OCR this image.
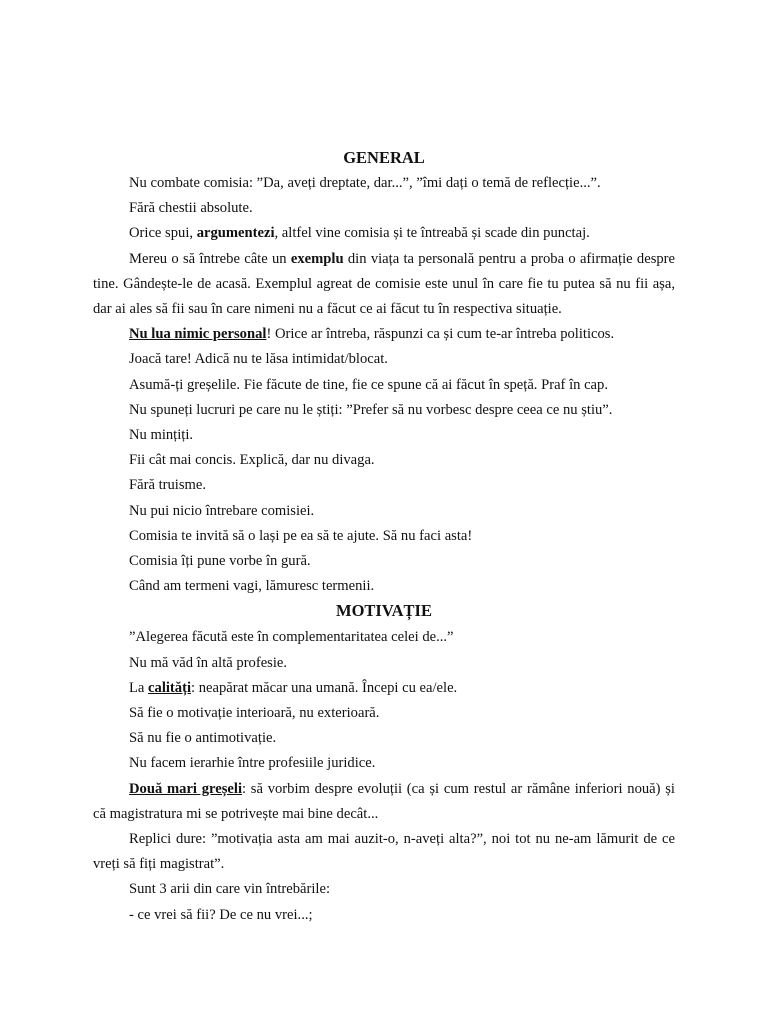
GENERAL

Nu combate comisia: ”Da, aveți dreptate, dar...”, ”îmi dați o temă de reflecție...”.

Fără chestii absolute.

Orice spui, argumentezi, altfel vine comisia și te întreabă și scade din punctaj.

Mereu o să întrebe câte un exemplu din viața ta personală pentru a proba o afirmație despre tine. Gândește-le de acasă. Exemplul agreat de comisie este unul în care fie tu putea să nu fii așa, dar ai ales să fii sau în care nimeni nu a făcut ce ai făcut tu în respectiva situație.

Nu lua nimic personal! Orice ar întreba, răspunzi ca și cum te-ar întreba politicos.

Joacă tare! Adică nu te lăsa intimidat/blocat.

Asumă-ți greșelile. Fie făcute de tine, fie ce spune că ai făcut în speță. Praf în cap.

Nu spuneți lucruri pe care nu le știți: ”Prefer să nu vorbesc despre ceea ce nu știu”.

Nu mințiți.

Fii cât mai concis. Explică, dar nu divaga.

Fără truisme.

Nu pui nicio întrebare comisiei.

Comisia te invită să o lași pe ea să te ajute. Să nu faci asta!

Comisia îți pune vorbe în gură.

Când am termeni vagi, lămuresc termenii.

MOTIVAȚIE

”Alegerea făcută este în complementaritatea celei de...”

Nu mă văd în altă profesie.

La calități: neapărat măcar una umană. Începi cu ea/ele.

Să fie o motivație interioară, nu exterioară.

Să nu fie o antimotivație.

Nu facem ierarhie între profesiile juridice.

Două mari greșeli: să vorbim despre evoluții (ca și cum restul ar rămâne inferiori nouă) și că magistratura mi se potrivește mai bine decât...

Replici dure: ”motivația asta am mai auzit-o, n-aveți alta?”, noi tot nu ne-am lămurit de ce vreți să fiți magistrat”.

Sunt 3 arii din care vin întrebările:

- ce vrei să fii? De ce nu vrei...;
